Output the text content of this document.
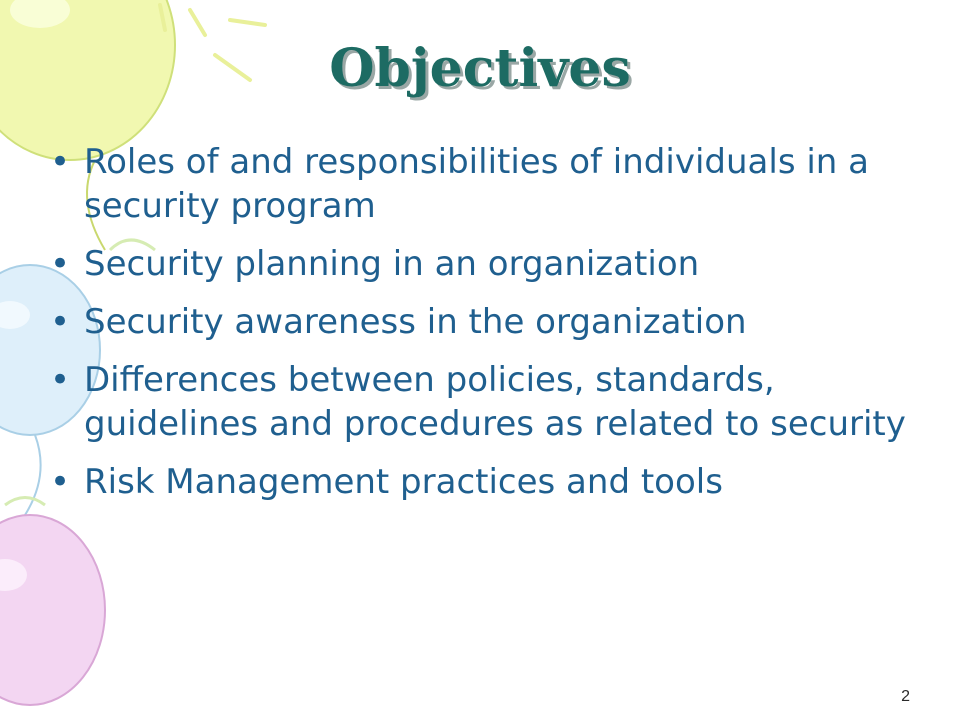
Objectives
• Roles of and responsibilities of individuals in a security program
• Security planning in an organization
• Security awareness in the organization
• Differences between policies, standards, guidelines and procedures as related to security
• Risk Management practices and tools
2
